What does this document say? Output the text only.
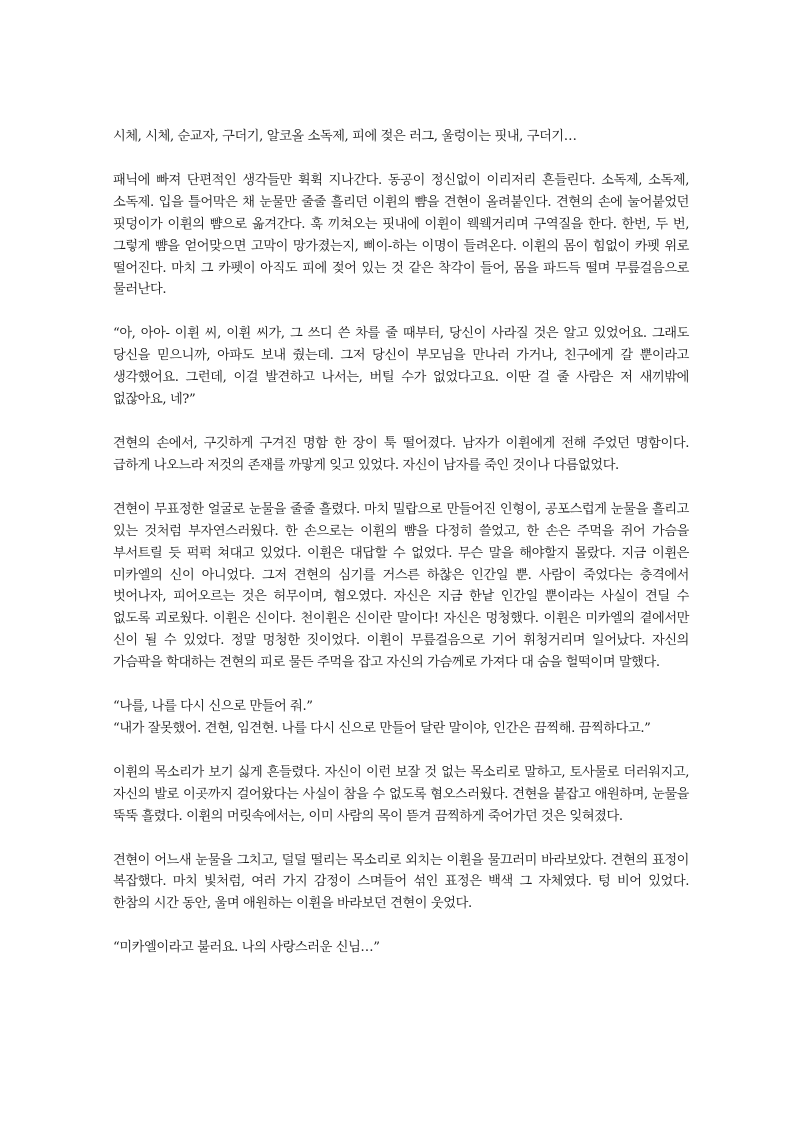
시체, 시체, 순교자, 구더기, 알코올 소독제, 피에 젖은 러그, 울렁이는 핏내, 구더기…

패닉에 빠져 단편적인 생각들만 휙휙 지나간다. 동공이 정신없이 이리저리 흔들린다. 소독제, 소독제, 소독제. 입을 틀어막은 채 눈물만 줄줄 흘리던 이휜의 뺨을 견현이 올려붙인다. 견현의 손에 눌어붙었던 핏덩이가 이휜의 뺨으로 옮겨간다. 훅 끼쳐오는 핏내에 이휜이 웩웩거리며 구역질을 한다. 한번, 두 번, 그렇게 뺨을 얻어맞으면 고막이 망가졌는지, 삐이-하는 이명이 들려온다. 이휜의 몸이 힘없이 카펫 위로 떨어진다. 마치 그 카펫이 아직도 피에 젖어 있는 것 같은 착각이 들어, 몸을 파드득 떨며 무릎걸음으로 물러난다.

“아, 아아- 이휜 씨, 이휜 씨가, 그 쓰디 쓴 차를 줄 때부터, 당신이 사라질 것은 알고 있었어요. 그래도 당신을 믿으니까, 아파도 보내 줬는데. 그저 당신이 부모님을 만나러 가거나, 친구에게 갈 뿐이라고 생각했어요. 그런데, 이걸 발견하고 나서는, 버틸 수가 없었다고요. 이딴 걸 줄 사람은 저 새끼밖에 없잖아요, 네?”

견현의 손에서, 구깃하게 구겨진 명함 한 장이 툭 떨어졌다. 남자가 이휜에게 전해 주었던 명함이다. 급하게 나오느라 저것의 존재를 까맣게 잊고 있었다. 자신이 남자를 죽인 것이나 다름없었다.

견현이 무표정한 얼굴로 눈물을 줄줄 흘렸다. 마치 밀랍으로 만들어진 인형이, 공포스럽게 눈물을 흘리고 있는 것처럼 부자연스러웠다. 한 손으로는 이휜의 뺨을 다정히 쓸었고, 한 손은 주먹을 쥐어 가슴을 부서트릴 듯 퍽퍽 쳐대고 있었다. 이휜은 대답할 수 없었다. 무슨 말을 해야할지 몰랐다. 지금 이휜은 미카엘의 신이 아니었다. 그저 견현의 심기를 거스른 하찮은 인간일 뿐. 사람이 죽었다는 충격에서 벗어나자, 피어오르는 것은 허무이며, 혐오였다. 자신은 지금 한낱 인간일 뿐이라는 사실이 견딜 수 없도록 괴로웠다. 이휜은 신이다. 천이휜은 신이란 말이다! 자신은 멍청했다. 이휜은 미카엘의 곁에서만 신이 될 수 있었다. 정말 멍청한 짓이었다. 이휜이 무릎걸음으로 기어 휘청거리며 일어났다. 자신의 가슴팍을 학대하는 견현의 피로 물든 주먹을 잡고 자신의 가슴께로 가져다 대 숨을 헐떡이며 말했다.

“나를, 나를 다시 신으로 만들어 줘.”

“내가 잘못했어. 견현, 임견현. 나를 다시 신으로 만들어 달란 말이야, 인간은 끔찍해. 끔찍하다고.”

이휜의 목소리가 보기 싫게 흔들렸다. 자신이 이런 보잘 것 없는 목소리로 말하고, 토사물로 더러워지고, 자신의 발로 이곳까지 걸어왔다는 사실이 참을 수 없도록 혐오스러웠다. 견현을 붙잡고 애원하며, 눈물을 뚝뚝 흘렸다. 이휜의 머릿속에서는, 이미 사람의 목이 뜯겨 끔찍하게 죽어가던 것은 잊혀졌다.

견현이 어느새 눈물을 그치고, 덜덜 떨리는 목소리로 외치는 이휜을 물끄러미 바라보았다. 견현의 표정이 복잡했다. 마치 빛처럼, 여러 가지 감정이 스며들어 섞인 표정은 백색 그 자체였다. 텅 비어 있었다. 한참의 시간 동안, 울며 애원하는 이휜을 바라보던 견현이 웃었다.

“미카엘이라고 불러요. 나의 사랑스러운 신님…”
